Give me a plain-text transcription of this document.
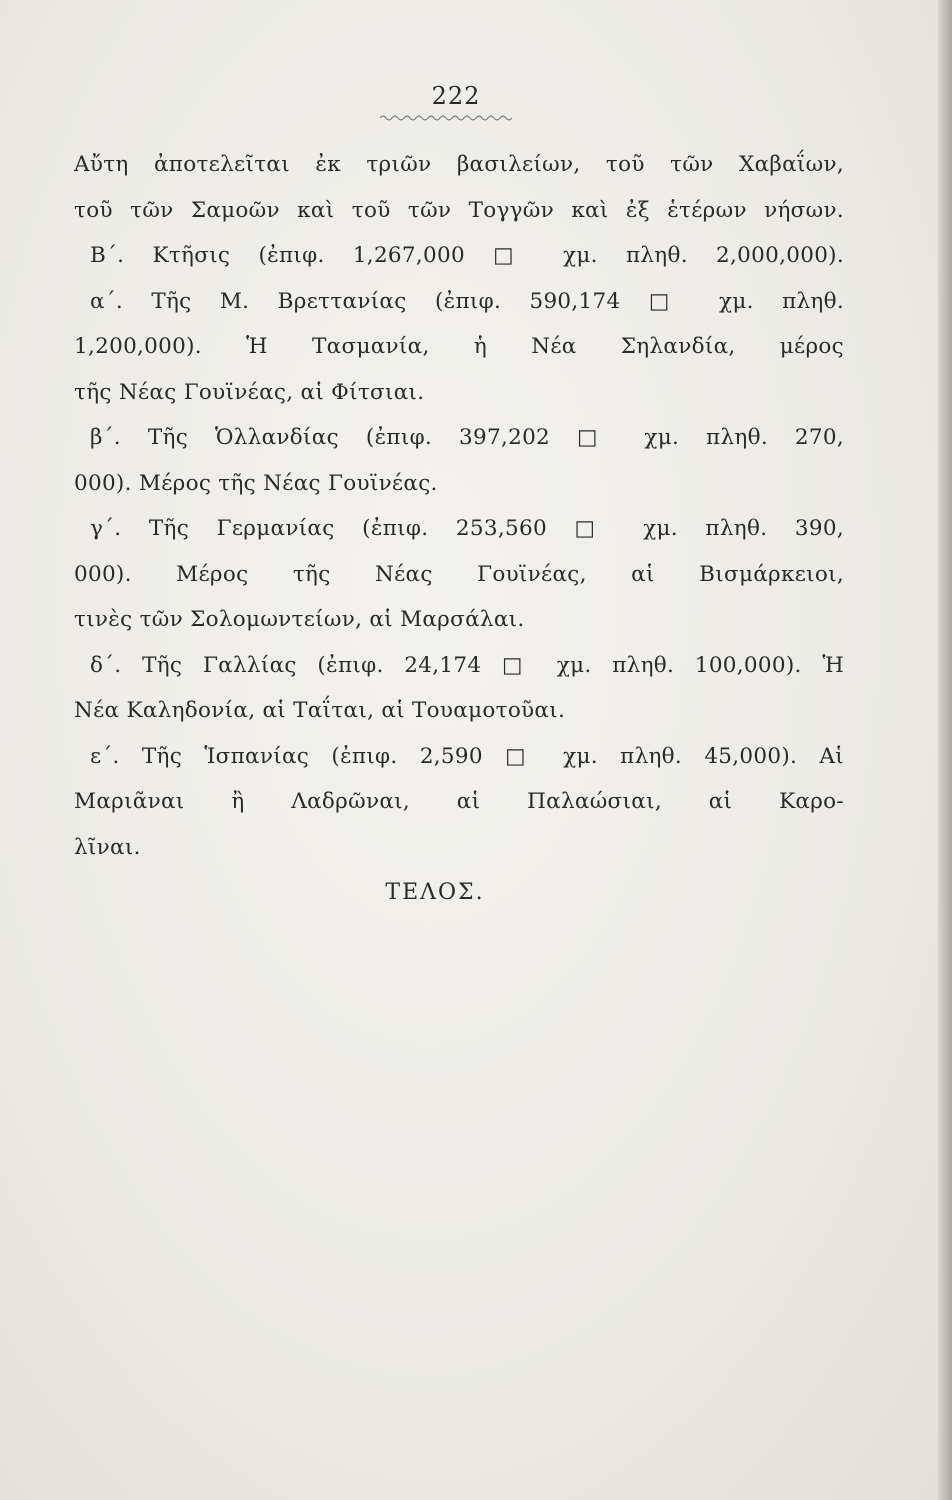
222
Αὔτη ἀποτελεῖται ἐκ τριῶν βασιλείων, τοῦ τῶν Χαβαΐων,
τοῦ τῶν Σαμοῶν καὶ τοῦ τῶν Τογγῶν καὶ ἐξ ἑτέρων νήσων.
Β΄. Κτῆσις (ἐπιφ. 1,267,000 □ χμ. πληθ. 2,000,000).
α΄. Τῆς Μ. Βρεττανίας (ἐπιφ. 590,174 □ χμ. πληθ.
1,200,000). Ἡ Τασμανία, ἡ Νέα Σηλανδία, μέρος
τῆς Νέας Γουϊνέας, αἱ Φίτσιαι.
β΄. Τῆς Ὁλλανδίας (ἐπιφ. 397,202 □ χμ. πληθ. 270,
000). Μέρος τῆς Νέας Γουϊνέας.
γ΄. Τῆς Γερμανίας (ἐπιφ. 253,560 □ χμ. πληθ. 390,
000). Μέρος τῆς Νέας Γουϊνέας, αἱ Βισμάρκειοι,
τινὲς τῶν Σολομωντείων, αἱ Μαρσάλαι.
δ΄. Τῆς Γαλλίας (ἐπιφ. 24,174 □ χμ. πληθ. 100,000). Ἡ
Νέα Καληδονία, αἱ Ταΐται, αἱ Τουαμοτοῦαι.
ε΄. Τῆς Ἱσπανίας (ἐπιφ. 2,590 □ χμ. πληθ. 45,000). Αἱ
Μαριᾶναι ἢ Λαδρῶναι, αἱ Παλαώσιαι, αἱ Καρο-
λῖναι.
ΤΕΛΟΣ.
